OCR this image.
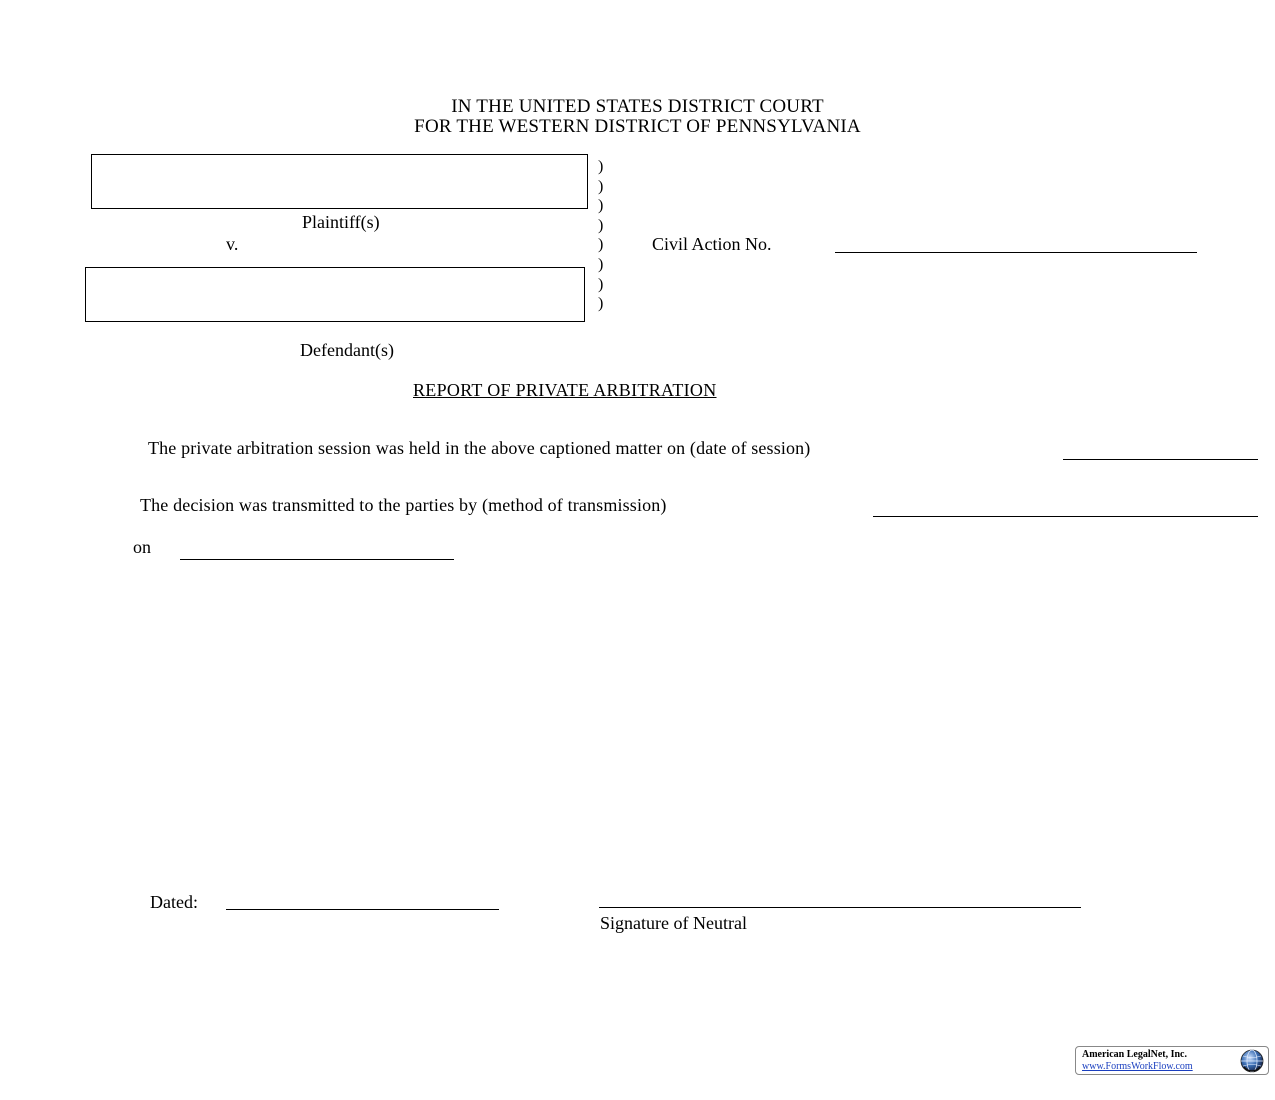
IN THE UNITED STATES DISTRICT COURT
FOR THE WESTERN DISTRICT OF PENNSYLVANIA
Plaintiff(s)
v.
Defendant(s)
)
)
)
)
)
)
)
)
Civil Action No.
REPORT OF PRIVATE ARBITRATION
The private arbitration session was held in the above captioned matter on (date of session)
The decision was transmitted to the parties by (method of transmission)
on
Dated:
Signature of Neutral
American LegalNet, Inc.
www.FormsWorkFlow.com
